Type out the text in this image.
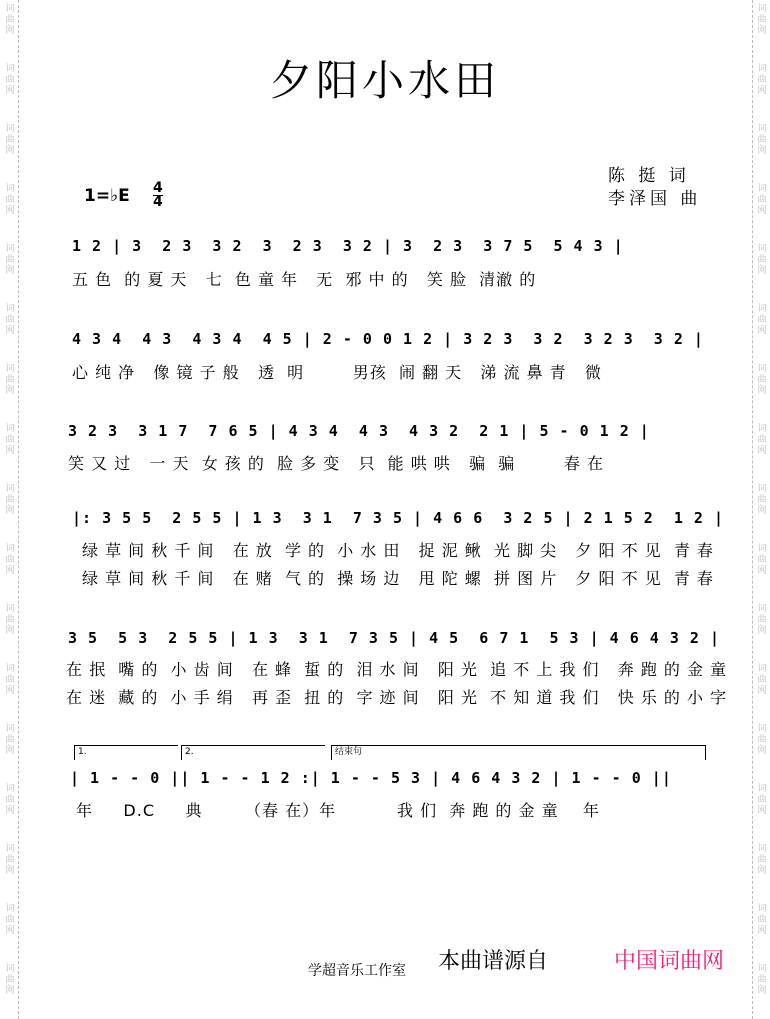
词
曲
网
词
曲
网
词
曲
网
词
曲
网
词
曲
网
词
曲
网
词
曲
网
词
曲
网
词
曲
网
词
曲
网
词
曲
网
词
曲
网
词
曲
网
词
曲
网
词
曲
网
词
曲
网
词
曲
网
词
曲
网
词
曲
网
词
曲
网
词
曲
网
词
曲
网
词
曲
网
词
曲
网
词
曲
网
词
曲
网
词
曲
网
词
曲
网
词
曲
网
词
曲
网
词
曲
网
词
曲
网
词
曲
网
词
曲
网
夕阳小水田
陈 挺 词
李泽国 曲
1=♭E 4
4
1 2 | 3  2 3  3 2  3  2 3  3 2 | 3  2 3  3 7 5  5 4 3 |
五 色  的 夏 天   七  色 童 年   无  邪 中 的   笑 脸  清澈 的
4 3 4  4 3  4 3 4  4 5 | 2 - 0 0 1 2 | 3 2 3  3 2  3 2 3  3 2 |
心 纯 净   像 镜 子 般   透  明        男孩  闹 翻 天   涕 流 鼻 青   微
3 2 3  3 1 7  7 6 5 | 4 3 4  4 3  4 3 2  2 1 | 5 - 0 1 2 |
笑 又 过   一 天  女 孩 的  脸 多 变   只  能 哄 哄   骗  骗        春 在
|: 3 5 5  2 5 5 | 1 3  3 1  7 3 5 | 4 6 6  3 2 5 | 2 1 5 2  1 2 |
绿 草 间 秋 千 间   在 放  学 的  小 水 田   捉 泥 鳅  光 脚 尖   夕 阳 不 见  青 春
绿 草 间 秋 千 间   在 赌  气 的  操 场 边   甩 陀 螺  拼 图 片   夕 阳 不 见  青 春
3 5  5 3  2 5 5 | 1 3  3 1  7 3 5 | 4 5  6 7 1  5 3 | 4 6 4 3 2 |
在 抿  嘴 的  小 齿 间   在 蜂  蜇 的  泪 水 间   阳 光  追 不 上 我 们   奔 跑 的 金 童
在 迷  藏 的  小 手 绢   再 歪  扭 的  字 迹 间   阳 光  不 知 道 我 们   快 乐 的 小 字
1.	2.	结束句
| 1 - - 0 || 1 - - 1 2 :| 1 - - 5 3 | 4 6 4 3 2 | 1 - - 0 ||
年     D.C     典       （春 在）年          我 们  奔 跑 的 金 童    年
学超音乐工作室 本曲谱源自	中国词曲网
